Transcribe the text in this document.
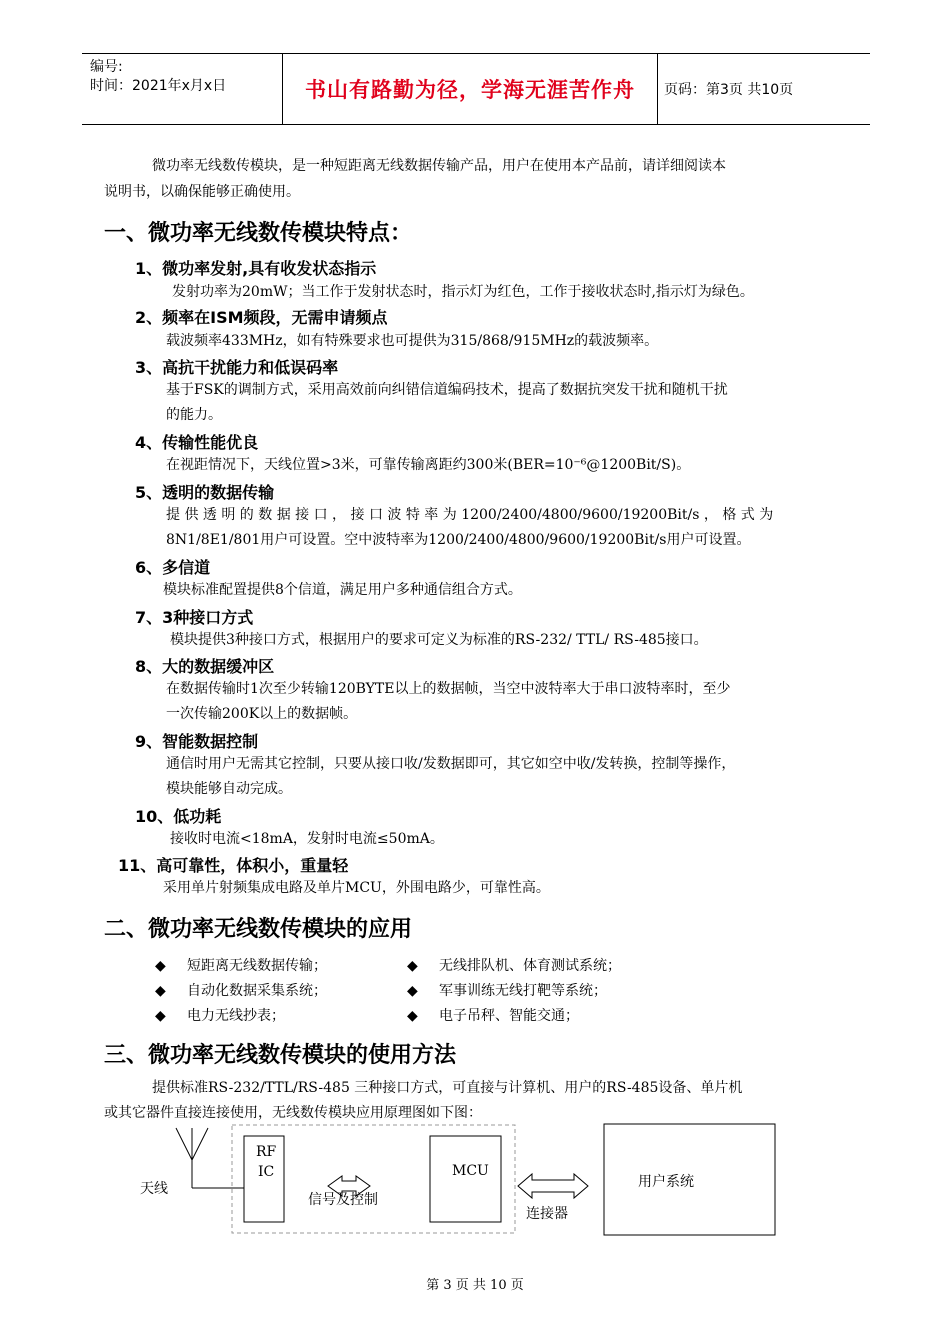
编号:
时间：2021年x月x日	书山有路勤为径，学海无涯苦作舟	页码：第3页 共10页
微功率无线数传模块，是一种短距离无线数据传输产品，用户在使用本产品前，请详细阅读本
说明书，以确保能够正确使用。
一、微功率无线数传模块特点：
1、微功率发射,具有收发状态指示
发射功率为20mW；当工作于发射状态时，指示灯为红色，工作于接收状态时,指示灯为绿色。
2、频率在ISM频段，无需申请频点
载波频率433MHz，如有特殊要求也可提供为315/868/915MHz的载波频率。
3、高抗干扰能力和低误码率
基于FSK的调制方式，采用高效前向纠错信道编码技术，提高了数据抗突发干扰和随机干扰
的能力。
4、传输性能优良
在视距情况下，天线位置>3米，可靠传输离距约300米(BER=10⁻⁶@1200Bit/S)。
5、透明的数据传输
提 供 透 明 的 数 据 接 口 ， 接 口 波 特 率 为 1200/2400/4800/9600/19200Bit/s ， 格 式 为
8N1/8E1/801用户可设置。空中波特率为1200/2400/4800/9600/19200Bit/s用户可设置。
6、多信道
模块标准配置提供8个信道，满足用户多种通信组合方式。
7、3种接口方式
模块提供3种接口方式，根据用户的要求可定义为标准的RS-232/ TTL/ RS-485接口。
8、大的数据缓冲区
在数据传输时1次至少转输120BYTE以上的数据帧，当空中波特率大于串口波特率时，至少
一次传输200K以上的数据帧。
9、智能数据控制
通信时用户无需其它控制，只要从接口收/发数据即可，其它如空中收/发转换，控制等操作，
模块能够自动完成。
10、低功耗
接收时电流<18mA，发射时电流≤50mA。
11、高可靠性，体积小，重量轻
采用单片射频集成电路及单片MCU，外围电路少，可靠性高。
二、微功率无线数传模块的应用
◆ 短距离无线数据传输；	◆ 无线排队机、体育测试系统；
◆ 自动化数据采集系统；	◆ 军事训练无线打靶等系统；
◆ 电力无线抄表；	◆ 电子吊秤、智能交通；
三、微功率无线数传模块的使用方法
提供标准RS-232/TTL/RS-485 三种接口方式，可直接与计算机、用户的RS-485设备、单片机
或其它器件直接连接使用，无线数传模块应用原理图如下图：
天线
RF
IC
信号及控制
MCU
连接器
用户系统
第 3 页 共 10 页
